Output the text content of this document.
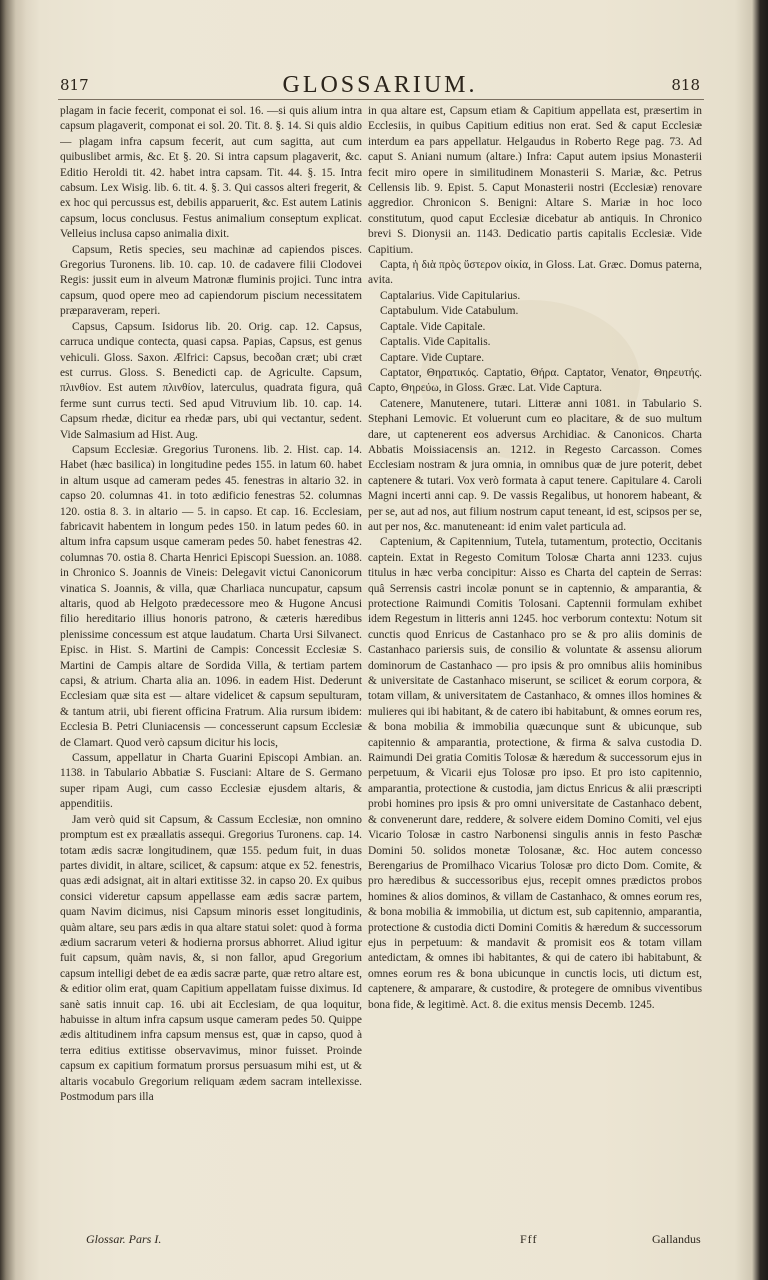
817	GLOSSARIUM.	818

plagam in facie fecerit, componat ei sol. 16. —si quis alium intra capsum plagaverit, componat ei sol. 20. Tit. 8. §. 14. Si quis aldio — plagam infra capsum fecerit, aut cum sagitta, aut cum quibuslibet armis, &c. Et §. 20. Si intra capsum plagaverit, &c. Editio Heroldi tit. 42. habet intra capsam. Tit. 44. §. 15. Intra cabsum. Lex Wisig. lib. 6. tit. 4. §. 3. Qui cassos alteri fregerit, & ex hoc qui percussus est, debilis apparuerit, &c. Est autem Latinis capsum, locus conclusus. Festus animalium conseptum explicat. Velleius inclusa capso animalia dixit.

Capsum, Retis species, seu machinæ ad capiendos pisces. Gregorius Turonens. lib. 10. cap. 10. de cadavere filii Clodovei Regis: jussit eum in alveum Matronæ fluminis projici. Tunc intra capsum, quod opere meo ad capiendorum piscium necessitatem præparaveram, reperi.

Capsus, Capsum. Isidorus lib. 20. Orig. cap. 12. Capsus, carruca undique contecta, quasi capsa. Papias, Capsus, est genus vehiculi. Gloss. Saxon. Ælfrici: Capsus, becoðan cræt; ubi cræt est currus. Gloss. S. Benedicti cap. de Agriculte. Capsum, πλινθίον. Est autem πλινθίον, laterculus, quadrata figura, quâ ferme sunt currus tecti. Sed apud Vitruvium lib. 10. cap. 14. Capsum rhedæ, dicitur ea rhedæ pars, ubi qui vectantur, sedent. Vide Salmasium ad Hist. Aug.

Capsum Ecclesiæ. Gregorius Turonens. lib. 2. Hist. cap. 14. Habet (hæc basilica) in longitudine pedes 155. in latum 60. habet in altum usque ad cameram pedes 45. fenestras in altario 32. in capso 20. columnas 41. in toto ædificio fenestras 52. columnas 120. ostia 8. 3. in altario — 5. in capso. Et cap. 16. Ecclesiam, fabricavit habentem in longum pedes 150. in latum pedes 60. in altum infra capsum usque cameram pedes 50. habet fenestras 42. columnas 70. ostia 8. Charta Henrici Episcopi Suession. an. 1088. in Chronico S. Joannis de Vineis: Delegavit victui Canonicorum vinatica S. Joannis, & villa, quæ Charliaca nuncupatur, capsum altaris, quod ab Helgoto prædecessore meo & Hugone Ancusi filio hereditario illius honoris patrono, & cæteris hæredibus plenissime concessum est atque laudatum. Charta Ursi Silvanect. Episc. in Hist. S. Martini de Campis: Concessit Ecclesiæ S. Martini de Campis altare de Sordida Villa, & tertiam partem capsi, & atrium. Charta alia an. 1096. in eadem Hist. Dederunt Ecclesiam quæ sita est — altare videlicet & capsum sepulturam, & tantum atrii, ubi fierent officina Fratrum. Alia rursum ibidem: Ecclesia B. Petri Cluniacensis — concesserunt capsum Ecclesiæ de Clamart. Quod verò capsum dicitur his locis,

Cassum, appellatur in Charta Guarini Episcopi Ambian. an. 1138. in Tabulario Abbatiæ S. Fusciani: Altare de S. Germano super ripam Augi, cum casso Ecclesiæ ejusdem altaris, & appenditiis.

Jam verò quid sit Capsum, & Cassum Ecclesiæ, non omnino promptum est ex præallatis assequi. Gregorius Turonens. cap. 14. totam ædis sacræ longitudinem, quæ 155. pedum fuit, in duas partes dividit, in altare, scilicet, & capsum: atque ex 52. fenestris, quas ædi adsignat, ait in altari extitisse 32. in capso 20. Ex quibus consici videretur capsum appellasse eam ædis sacræ partem, quam Navim dicimus, nisi Capsum minoris esset longitudinis, quàm altare, seu pars ædis in qua altare statui solet: quod à forma ædium sacrarum veteri & hodierna prorsus abhorret. Aliud igitur fuit capsum, quàm navis, &, si non fallor, apud Gregorium capsum intelligi debet de ea ædis sacræ parte, quæ retro altare est, & editior olim erat, quam Capitium appellatam fuisse diximus. Id sanè satis innuit cap. 16. ubi ait Ecclesiam, de qua loquitur, habuisse in altum infra capsum usque cameram pedes 50. Quippe ædis altitudinem infra capsum mensus est, quæ in capso, quod à terra editius extitisse observavimus, minor fuisset. Proinde capsum ex capitium formatum prorsus persuasum mihi est, ut & altaris vocabulo Gregorium reliquam ædem sacram intellexisse. Postmodum pars illa

in qua altare est, Capsum etiam & Capitium appellata est, præsertim in Ecclesiis, in quibus Capitium editius non erat. Sed & caput Ecclesiæ interdum ea pars appellatur. Helgaudus in Roberto Rege pag. 73. Ad caput S. Aniani numum (altare.) Infra: Caput autem ipsius Monasterii fecit miro opere in similitudinem Monasterii S. Mariæ, &c. Petrus Cellensis lib. 9. Epist. 5. Caput Monasterii nostri (Ecclesiæ) renovare aggredior. Chronicon S. Benigni: Altare S. Mariæ in hoc loco constitutum, quod caput Ecclesiæ dicebatur ab antiquis. In Chronico brevi S. Dionysii an. 1143. Dedicatio partis capitalis Ecclesiæ. Vide Capitium.

Capta, ἡ διὰ πρὸς ὕστερον οἰκία, in Gloss. Lat. Græc. Domus paterna, avita.

Captalarius. Vide Capitularius.

Captabulum. Vide Catabulum.

Captale. Vide Capitale.

Captalis. Vide Capitalis.

Captare. Vide Cuptare.

Captator, Θηρατικός. Captatio, Θήρα. Captator, Venator, Θηρευτής. Capto, Θηρεύω, in Gloss. Græc. Lat. Vide Captura.

Catenere, Manutenere, tutari. Litteræ anni 1081. in Tabulario S. Stephani Lemovic. Et voluerunt cum eo placitare, & de suo multum dare, ut captenerent eos adversus Archidiac. & Canonicos. Charta Abbatis Moissiacensis an. 1212. in Regesto Carcasson. Comes Ecclesiam nostram & jura omnia, in omnibus quæ de jure poterit, debet captenere & tutari. Vox verò formata à caput tenere. Capitulare 4. Caroli Magni incerti anni cap. 9. De vassis Regalibus, ut honorem habeant, & per se, aut ad nos, aut filium nostrum caput teneant, id est, scipsos per se, aut per nos, &c. manuteneant: id enim valet particula ad.

Captenium, & Capitennium, Tutela, tutamentum, protectio, Occitanis captein. Extat in Regesto Comitum Tolosæ Charta anni 1233. cujus titulus in hæc verba concipitur: Aisso es Charta del captein de Serras: quâ Serrensis castri incolæ ponunt se in captennio, & amparantia, & protectione Raimundi Comitis Tolosani. Captennii formulam exhibet idem Regestum in litteris anni 1245. hoc verborum contextu: Notum sit cunctis quod Enricus de Castanhaco pro se & pro aliis dominis de Castanhaco pariersis suis, de consilio & voluntate & assensu aliorum dominorum de Castanhaco — pro ipsis & pro omnibus aliis hominibus & universitate de Castanhaco miserunt, se scilicet & eorum corpora, & totam villam, & universitatem de Castanhaco, & omnes illos homines & mulieres qui ibi habitant, & de catero ibi habitabunt, & omnes eorum res, & bona mobilia & immobilia quæcunque sunt & ubicunque, sub capitennio & amparantia, protectione, & firma & salva custodia D. Raimundi Dei gratia Comitis Tolosæ & hæredum & successorum ejus in perpetuum, & Vicarii ejus Tolosæ pro ipso. Et pro isto capitennio, amparantia, protectione & custodia, jam dictus Enricus & alii præscripti probi homines pro ipsis & pro omni universitate de Castanhaco debent, & convenerunt dare, reddere, & solvere eidem Domino Comiti, vel ejus Vicario Tolosæ in castro Narbonensi singulis annis in festo Paschæ Domini 50. solidos monetæ Tolosanæ, &c. Hoc autem concesso Berengarius de Promilhaco Vicarius Tolosæ pro dicto Dom. Comite, & pro hæredibus & successoribus ejus, recepit omnes prædictos probos homines & alios dominos, & villam de Castanhaco, & omnes eorum res, & bona mobilia & immobilia, ut dictum est, sub capitennio, amparantia, protectione & custodia dicti Domini Comitis & hæredum & successorum ejus in perpetuum: & mandavit & promisit eos & totam villam antedictam, & omnes ibi habitantes, & qui de catero ibi habitabunt, & omnes eorum res & bona ubicunque in cunctis locis, uti dictum est, captenere, & amparare, & custodire, & protegere de omnibus viventibus bona fide, & legitimè. Act. 8. die exitus mensis Decemb. 1245.

Glossar. Pars I.	Fff	Gallandus
